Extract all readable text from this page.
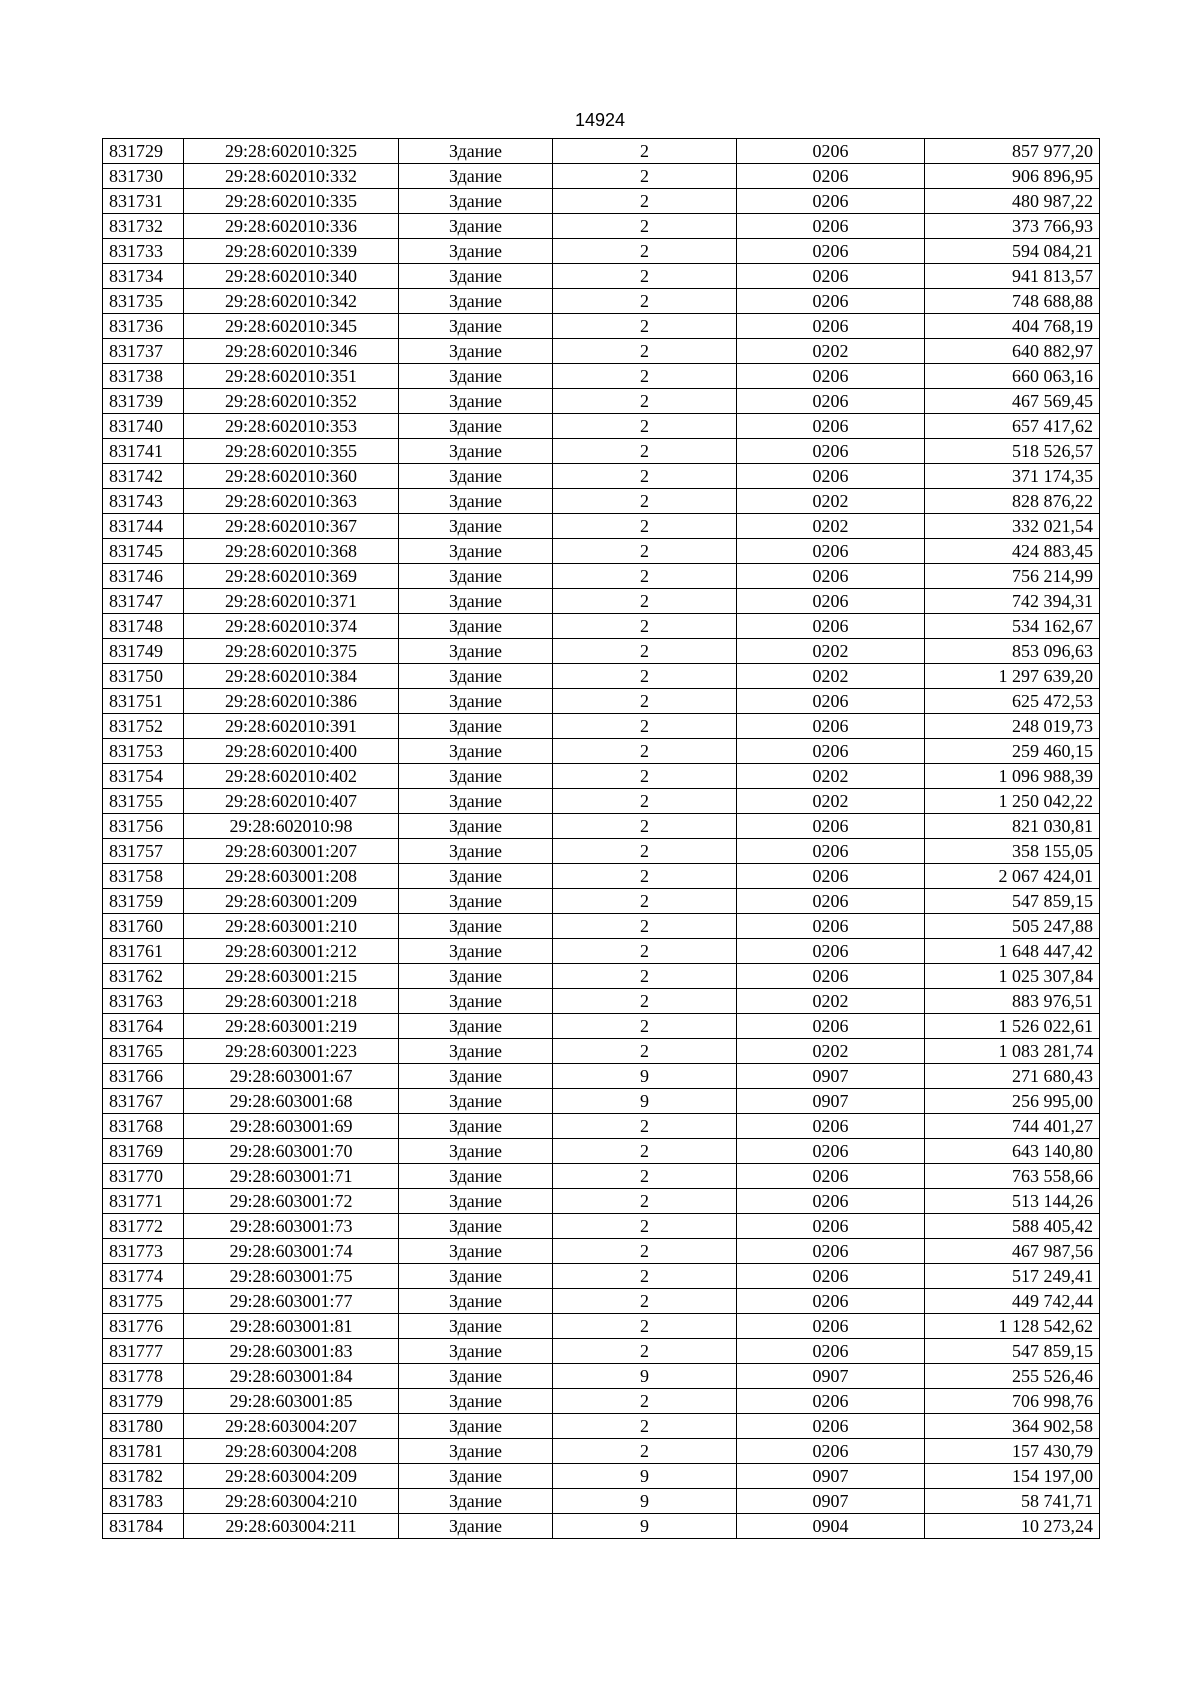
14924
831729	29:28:602010:325	Здание	2	0206	857 977,20
831730	29:28:602010:332	Здание	2	0206	906 896,95
831731	29:28:602010:335	Здание	2	0206	480 987,22
831732	29:28:602010:336	Здание	2	0206	373 766,93
831733	29:28:602010:339	Здание	2	0206	594 084,21
831734	29:28:602010:340	Здание	2	0206	941 813,57
831735	29:28:602010:342	Здание	2	0206	748 688,88
831736	29:28:602010:345	Здание	2	0206	404 768,19
831737	29:28:602010:346	Здание	2	0202	640 882,97
831738	29:28:602010:351	Здание	2	0206	660 063,16
831739	29:28:602010:352	Здание	2	0206	467 569,45
831740	29:28:602010:353	Здание	2	0206	657 417,62
831741	29:28:602010:355	Здание	2	0206	518 526,57
831742	29:28:602010:360	Здание	2	0206	371 174,35
831743	29:28:602010:363	Здание	2	0202	828 876,22
831744	29:28:602010:367	Здание	2	0202	332 021,54
831745	29:28:602010:368	Здание	2	0206	424 883,45
831746	29:28:602010:369	Здание	2	0206	756 214,99
831747	29:28:602010:371	Здание	2	0206	742 394,31
831748	29:28:602010:374	Здание	2	0206	534 162,67
831749	29:28:602010:375	Здание	2	0202	853 096,63
831750	29:28:602010:384	Здание	2	0202	1 297 639,20
831751	29:28:602010:386	Здание	2	0206	625 472,53
831752	29:28:602010:391	Здание	2	0206	248 019,73
831753	29:28:602010:400	Здание	2	0206	259 460,15
831754	29:28:602010:402	Здание	2	0202	1 096 988,39
831755	29:28:602010:407	Здание	2	0202	1 250 042,22
831756	29:28:602010:98	Здание	2	0206	821 030,81
831757	29:28:603001:207	Здание	2	0206	358 155,05
831758	29:28:603001:208	Здание	2	0206	2 067 424,01
831759	29:28:603001:209	Здание	2	0206	547 859,15
831760	29:28:603001:210	Здание	2	0206	505 247,88
831761	29:28:603001:212	Здание	2	0206	1 648 447,42
831762	29:28:603001:215	Здание	2	0206	1 025 307,84
831763	29:28:603001:218	Здание	2	0202	883 976,51
831764	29:28:603001:219	Здание	2	0206	1 526 022,61
831765	29:28:603001:223	Здание	2	0202	1 083 281,74
831766	29:28:603001:67	Здание	9	0907	271 680,43
831767	29:28:603001:68	Здание	9	0907	256 995,00
831768	29:28:603001:69	Здание	2	0206	744 401,27
831769	29:28:603001:70	Здание	2	0206	643 140,80
831770	29:28:603001:71	Здание	2	0206	763 558,66
831771	29:28:603001:72	Здание	2	0206	513 144,26
831772	29:28:603001:73	Здание	2	0206	588 405,42
831773	29:28:603001:74	Здание	2	0206	467 987,56
831774	29:28:603001:75	Здание	2	0206	517 249,41
831775	29:28:603001:77	Здание	2	0206	449 742,44
831776	29:28:603001:81	Здание	2	0206	1 128 542,62
831777	29:28:603001:83	Здание	2	0206	547 859,15
831778	29:28:603001:84	Здание	9	0907	255 526,46
831779	29:28:603001:85	Здание	2	0206	706 998,76
831780	29:28:603004:207	Здание	2	0206	364 902,58
831781	29:28:603004:208	Здание	2	0206	157 430,79
831782	29:28:603004:209	Здание	9	0907	154 197,00
831783	29:28:603004:210	Здание	9	0907	58 741,71
831784	29:28:603004:211	Здание	9	0904	10 273,24
